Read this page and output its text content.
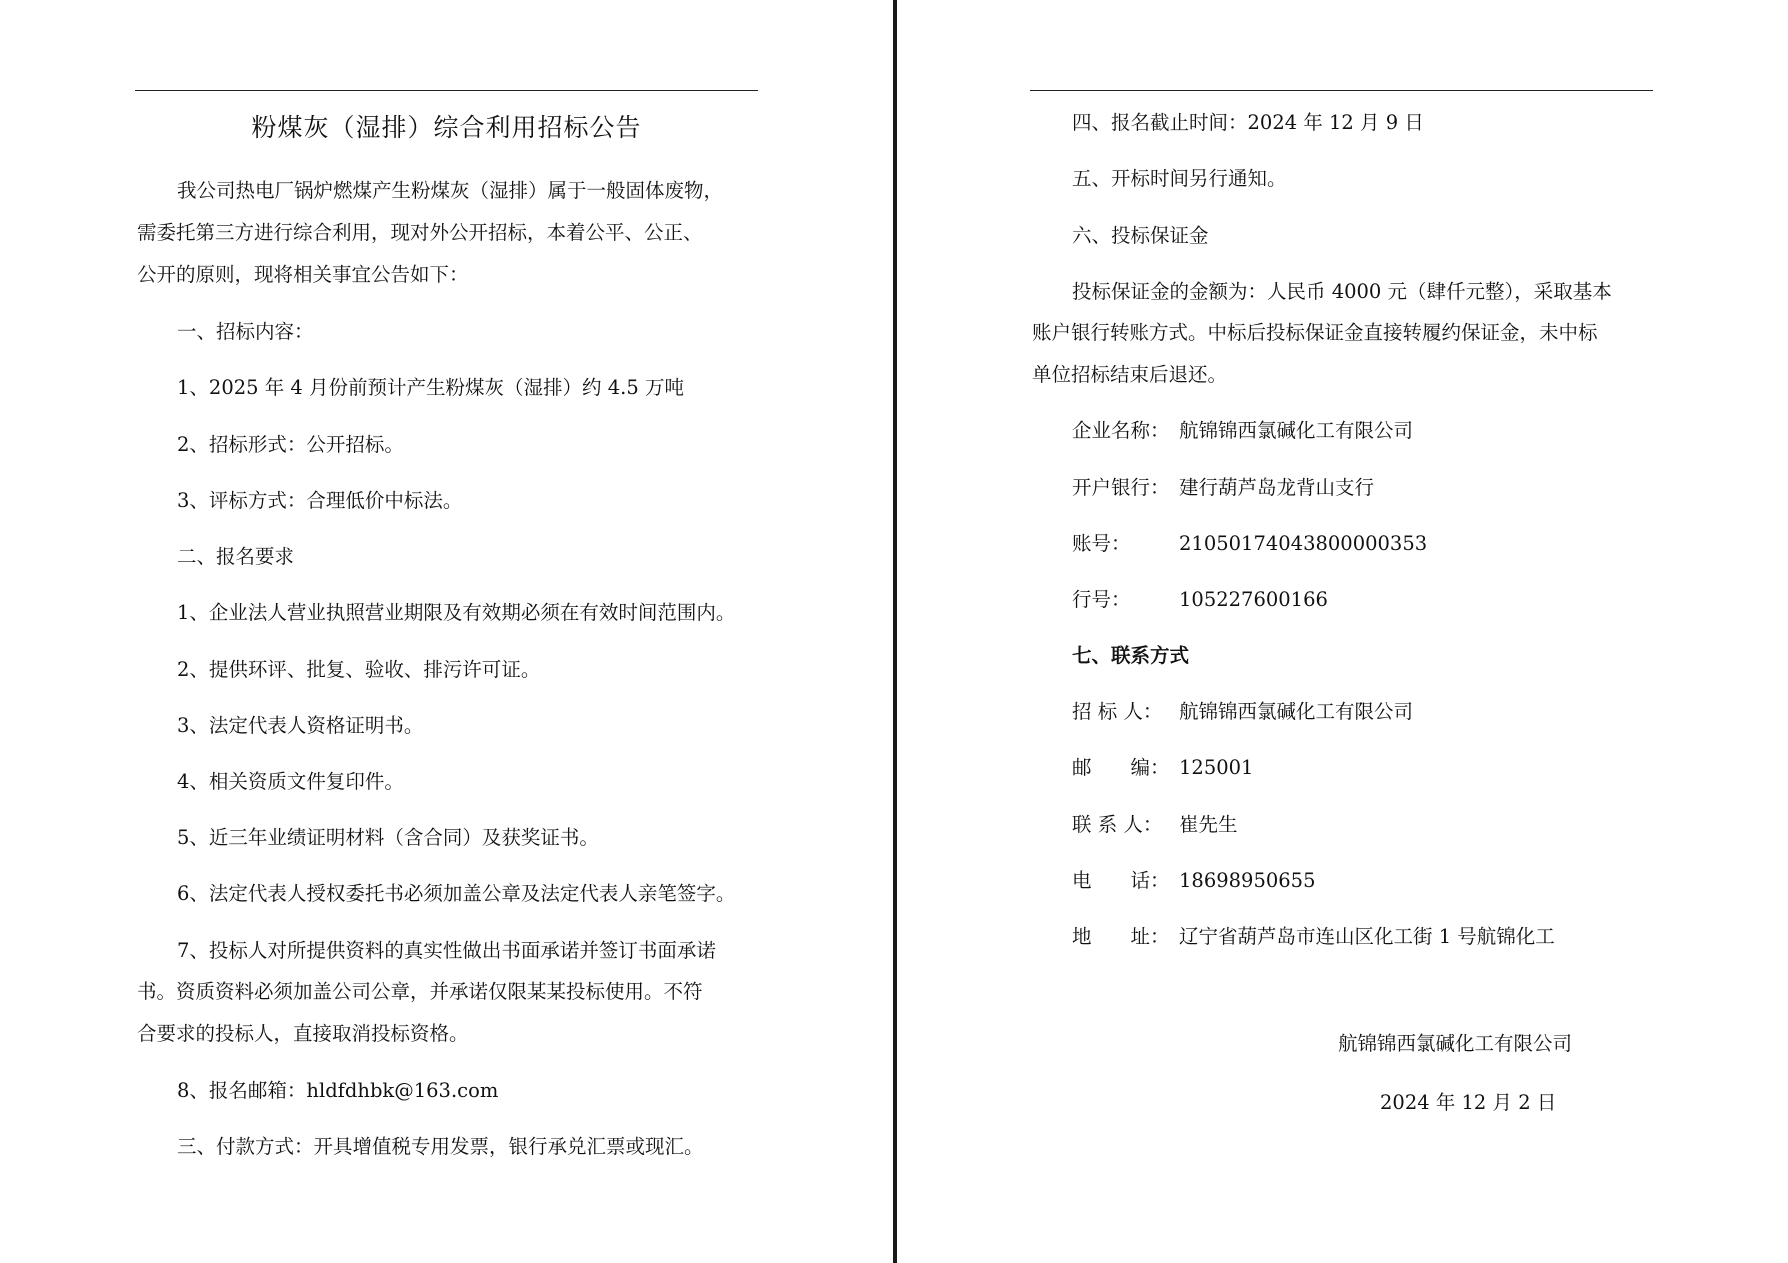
粉煤灰（湿排）综合利用招标公告
我公司热电厂锅炉燃煤产生粉煤灰（湿排）属于一般固体废物，
需委托第三方进行综合利用，现对外公开招标，本着公平、公正、
公开的原则，现将相关事宜公告如下：
一、招标内容：
1、2025 年 4 月份前预计产生粉煤灰（湿排）约 4.5 万吨
2、招标形式：公开招标。
3、评标方式：合理低价中标法。
二、报名要求
1、企业法人营业执照营业期限及有效期必须在有效时间范围内。
2、提供环评、批复、验收、排污许可证。
3、法定代表人资格证明书。
4、相关资质文件复印件。
5、近三年业绩证明材料（含合同）及获奖证书。
6、法定代表人授权委托书必须加盖公章及法定代表人亲笔签字。
7、投标人对所提供资料的真实性做出书面承诺并签订书面承诺
书。资质资料必须加盖公司公章，并承诺仅限某某投标使用。不符
合要求的投标人，直接取消投标资格。
8、报名邮箱：hldfdhbk@163.com
三、付款方式：开具增值税专用发票，银行承兑汇票或现汇。
四、报名截止时间：2024 年 12 月 9 日
五、开标时间另行通知。
六、投标保证金
投标保证金的金额为：人民币 4000 元（肆仟元整），采取基本
账户银行转账方式。中标后投标保证金直接转履约保证金，未中标
单位招标结束后退还。
企业名称： 航锦锦西氯碱化工有限公司
开户银行： 建行葫芦岛龙背山支行
账号： 21050174043800000353
行号： 105227600166
七、联系方式
招 标 人： 航锦锦西氯碱化工有限公司
邮　　编： 125001
联 系 人： 崔先生
电　　话： 18698950655
地　　址： 辽宁省葫芦岛市连山区化工街 1 号航锦化工
航锦锦西氯碱化工有限公司
2024 年 12 月 2 日
